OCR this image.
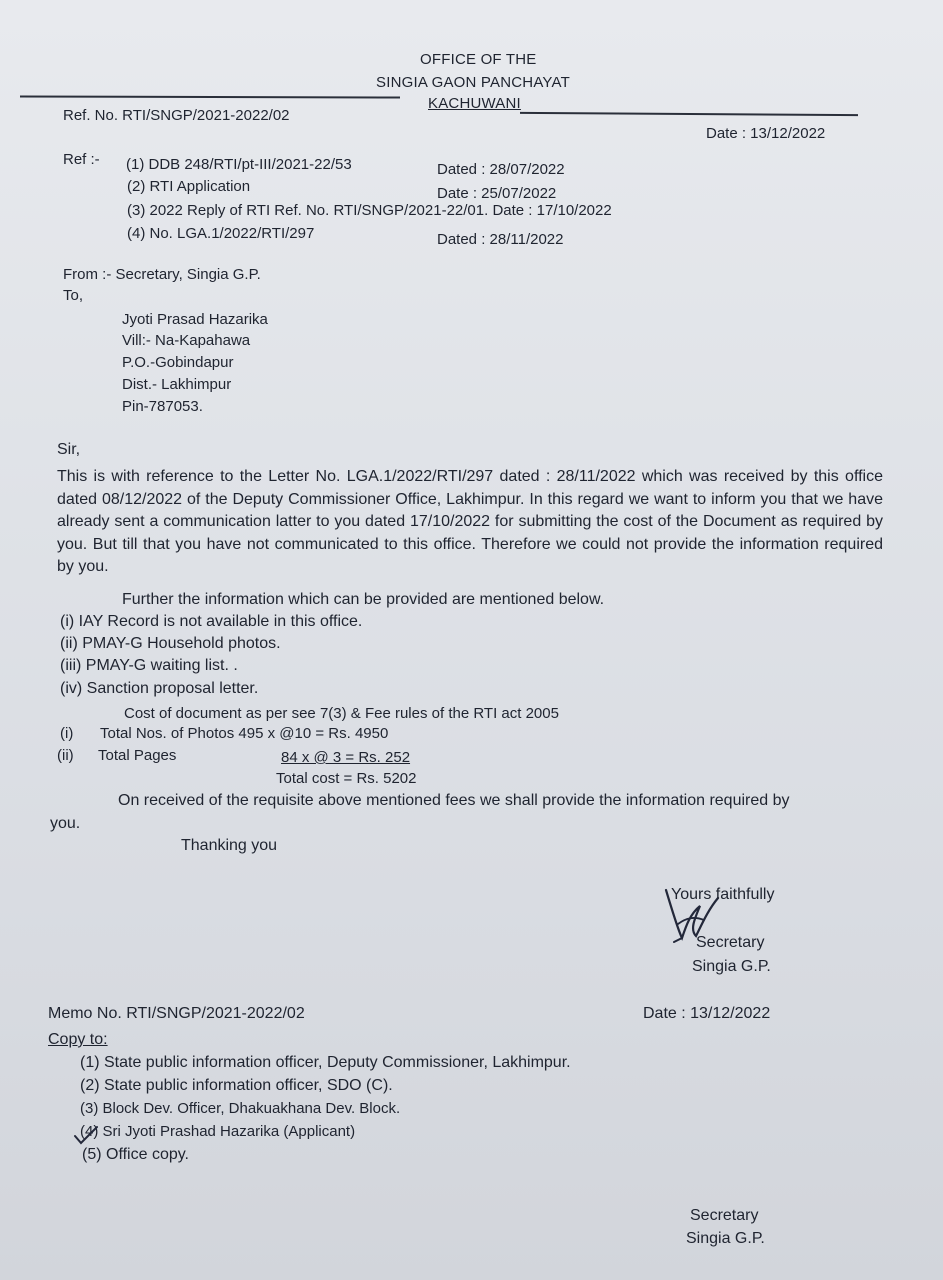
OFFICE OF THE
SINGIA GAON PANCHAYAT
KACHUWANI
Ref. No. RTI/SNGP/2021-2022/02
Date : 13/12/2022
Ref :- (1) DDB 248/RTI/pt-III/2021-22/53	Dated : 28/07/2022
(2) RTI Application	Date : 25/07/2022
(3) 2022 Reply of RTI Ref. No. RTI/SNGP/2021-22/01. Date : 17/10/2022
(4) No. LGA.1/2022/RTI/297	Dated : 28/11/2022
From :- Secretary, Singia G.P.
To,
Jyoti Prasad Hazarika
Vill:- Na-Kapahawa
P.O.-Gobindapur
Dist.- Lakhimpur
Pin-787053.
Sir,
This is with reference to the Letter No. LGA.1/2022/RTI/297 dated : 28/11/2022 which was received by this office dated 08/12/2022 of the Deputy Commissioner Office, Lakhimpur. In this regard we want to inform you that we have already sent a communication latter to you dated 17/10/2022 for submitting the cost of the Document as required by you. But till that you have not communicated to this office. Therefore we could not provide the information required by you.
Further the information which can be provided are mentioned below.
(i) IAY Record is not available in this office.
(ii) PMAY-G Household photos.
(iii) PMAY-G waiting list. .
(iv) Sanction proposal letter.
Cost of document as per see 7(3) & Fee rules of the RTI act 2005
(i) Total Nos. of Photos 495 x @10 = Rs. 4950
(ii) Total Pages	84 x @ 3 = Rs. 252
Total cost = Rs. 5202
On received of the requisite above mentioned fees we shall provide the information required by
you.
Thanking you
Yours faithfully
Secretary
Singia G.P.
Memo No. RTI/SNGP/2021-2022/02	Date : 13/12/2022
Copy to:
(1) State public information officer, Deputy Commissioner, Lakhimpur.
(2) State public information officer, SDO (C).
(3) Block Dev. Officer, Dhakuakhana Dev. Block.
(4) Sri Jyoti Prashad Hazarika (Applicant)
(5) Office copy.
Secretary
Singia G.P.
